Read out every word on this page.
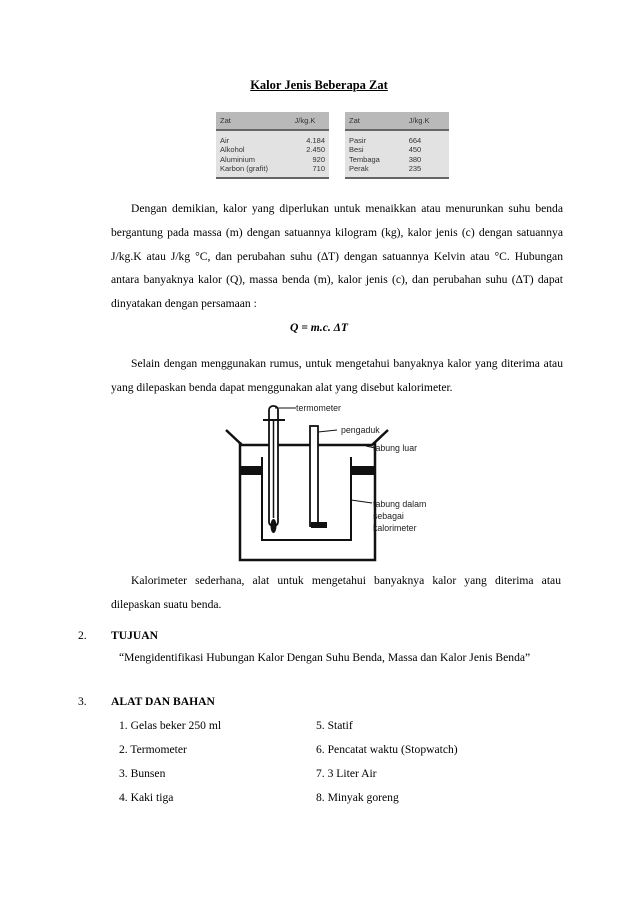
Kalor Jenis Beberapa Zat
Zat	J/kg.K
Air	4.184
Alkohol	2.450
Aluminium	920
Karbon (grafit)	710
Zat	J/kg.K
Pasir	664
Besi	450
Tembaga	380
Perak	235
Dengan demikian, kalor yang diperlukan untuk menaikkan atau menurunkan suhu benda bergantung pada massa (m) dengan satuannya kilogram (kg), kalor jenis (c) dengan satuannya J/kg.K atau J/kg °C, dan perubahan suhu (∆T) dengan satuannya Kelvin atau °C. Hubungan antara banyaknya kalor (Q), massa benda (m), kalor jenis (c), dan perubahan suhu (∆T) dapat dinyatakan dengan persamaan :
Q = m.c. ΔT
Selain dengan menggunakan rumus, untuk mengetahui banyaknya kalor yang diterima atau yang dilepaskan benda dapat menggunakan alat yang disebut kalorimeter.
termometer
pengaduk
tabung luar
tabung dalam
sebagai
kalorimeter
Kalorimeter sederhana, alat untuk mengetahui banyaknya kalor yang diterima atau dilepaskan suatu benda.
2. TUJUAN
“Mengidentifikasi Hubungan Kalor Dengan Suhu Benda, Massa dan Kalor Jenis Benda”
3. ALAT DAN BAHAN
1. Gelas beker 250 ml
2. Termometer
3. Bunsen
4. Kaki tiga
5. Statif
6. Pencatat waktu (Stopwatch)
7. 3 Liter Air
8. Minyak goreng
